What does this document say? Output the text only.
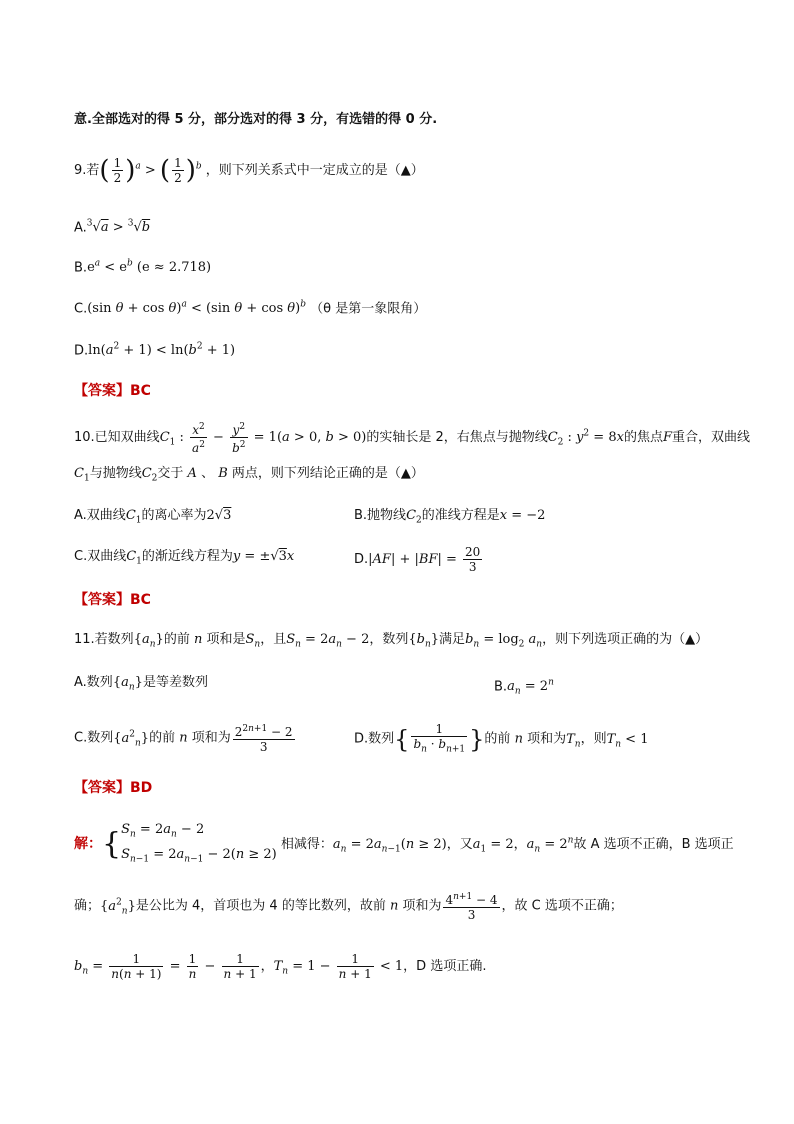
意.全部选对的得 5 分，部分选对的得 3 分，有选错的得 0 分.
9.若( $\frac{1}{2} )^a$ > ( $\frac{1}{2} )^b$ ，则下列关系式中一定成立的是（▲）
A.$^3$√a > $^3$√b
$B.e^a < e^b$ (e ≈ 2.718)
C.(sin θ + cos θ)$^a$ < (sin θ + cos θ)$^b$ （θ 是第一象限角）
$D.\ln(a^2 + 1) < \ln(b^2 + 1)$
【答案】BC
10.已知双曲线$C_1$ : $\frac{x^2}{a^2} - \frac{y^2}{b^2} = 1(a > 0$, b > 0)的实轴长是 2，右焦点与抛物线$C_2$ : $y^2 = 8x$的焦点F重合，双曲线
$C_1$与抛物线$C_2$交于 A 、 B 两点，则下列结论正确的是（▲）
A.双曲线$C_1$的离心率为2√3	B.抛物线$C_2$的准线方程是x = −2
C.双曲线$C_1$的渐近线方程为y = ±√3x	$D.|AF| + |BF| = \frac{20}{3}$
【答案】BC
11.若数列$\{a_n\}$的前 n 项和是$S_n$，且$S_n = 2a_n - 2$，数列$\{b_n\}$满足$b_n = \log_2 a_n$，则下列选项正确的为（▲）
A.数列$\{a_n\}$是等差数列	$B.a_n = 2^n$
C.数列$\{a^2_n\}$的前 n 项和为 $\frac{2^{2n+1} - 2}{3}$	D.数列{ $\frac{1}{b_n \cdot b_{n+1}}$ }的前 n 项和为$T_n$，则$T_n < 1$
【答案】BD
解：{ $S_n = 2a_n - 2$
$S_{n-1} = 2a_{n-1} - 2(n \ge 2)$
相减得：$a_n = 2a_{n-1}(n \ge 2)$，又$a_1 = 2$，$a_n = 2^n$故 A 选项不正确，B 选项正
确；$\{a^2_n\}$是公比为 4，首项也为 4 的等比数列，故前 n 项和为 $\frac{4^{n+1} - 4}{3}$ ，故 C 选项不正确；
$b_n = \frac{1}{n(n + 1)} = \frac{1}{n} - \frac{1}{n + 1}$ ，$T_n = 1 - \frac{1}{n + 1} < 1$，D 选项正确.
